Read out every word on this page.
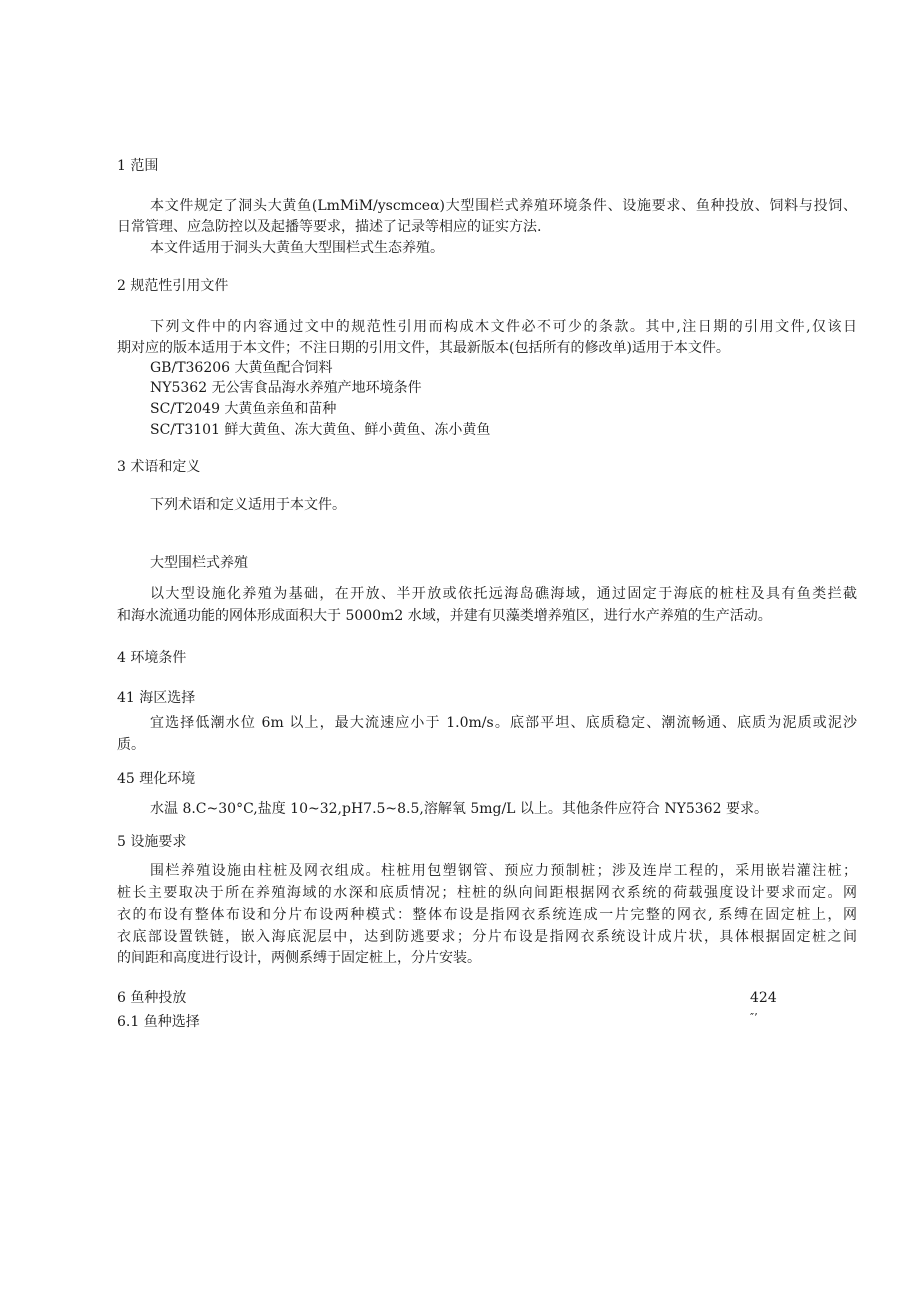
1 范围
本文件规定了洞头大黄鱼(LmMiM/yscmceα)大型围栏式养殖环境条件、设施要求、鱼种投放、饲料与投饲、
日常管理、应急防控以及起播等要求，描述了记录等相应的证实方法.
本文件适用于洞头大黄鱼大型围栏式生态养殖。
2 规范性引用文件
下列文件中的内容通过文中的规范性引用而构成木文件必不可少的条款。其中,注日期的引用文件,仅该日
期对应的版本适用于本文件；不注日期的引用文件，其最新版本(包括所有的修改单)适用于本文件。
GB/T36206 大黄鱼配合饲料
NY5362 无公害食品海水养殖产地环境条件
SC/T2049 大黄鱼亲鱼和苗种
SC/T3101 鲜大黄鱼、冻大黄鱼、鲜小黄鱼、冻小黄鱼
3 术语和定义
下列术语和定义适用于本文件。
大型围栏式养殖
以大型设施化养殖为基础，在开放、半开放或依托远海岛礁海域，通过固定于海底的桩柱及具有鱼类拦截
和海水流通功能的网体形成面积大于 5000m2 水域，并建有贝藻类增养殖区，进行水产养殖的生产活动。
4 环境条件
41 海区选择
宜选择低潮水位 6m 以上，最大流速应小于 1.0m/s。底部平坦、底质稳定、潮流畅通、底质为泥质或泥沙
质。
45 理化环境
水温 8.C~30°C,盐度 10~32,pH7.5~8.5,溶解氧 5mg/L 以上。其他条件应符合 NY5362 要求。
5 设施要求
围栏养殖设施由柱桩及网衣组成。柱桩用包塑钢管、预应力预制桩；涉及连岸工程的，采用嵌岩灌注桩；
桩长主要取决于所在养殖海域的水深和底质情况；柱桩的纵向间距根据网衣系统的荷载强度设计要求而定。网
衣的布设有整体布设和分片布设两种模式：整体布设是指网衣系统连成一片完整的网衣, 系缚在固定桩上，网
衣底部设置铁链，嵌入海底泥层中，达到防逃要求；分片布设是指网衣系统设计成片状，具体根据固定桩之间
的间距和高度进行设计，两侧系缚于固定桩上，分片安装。
6 鱼种投放	424
6.1 鱼种选择	″’
